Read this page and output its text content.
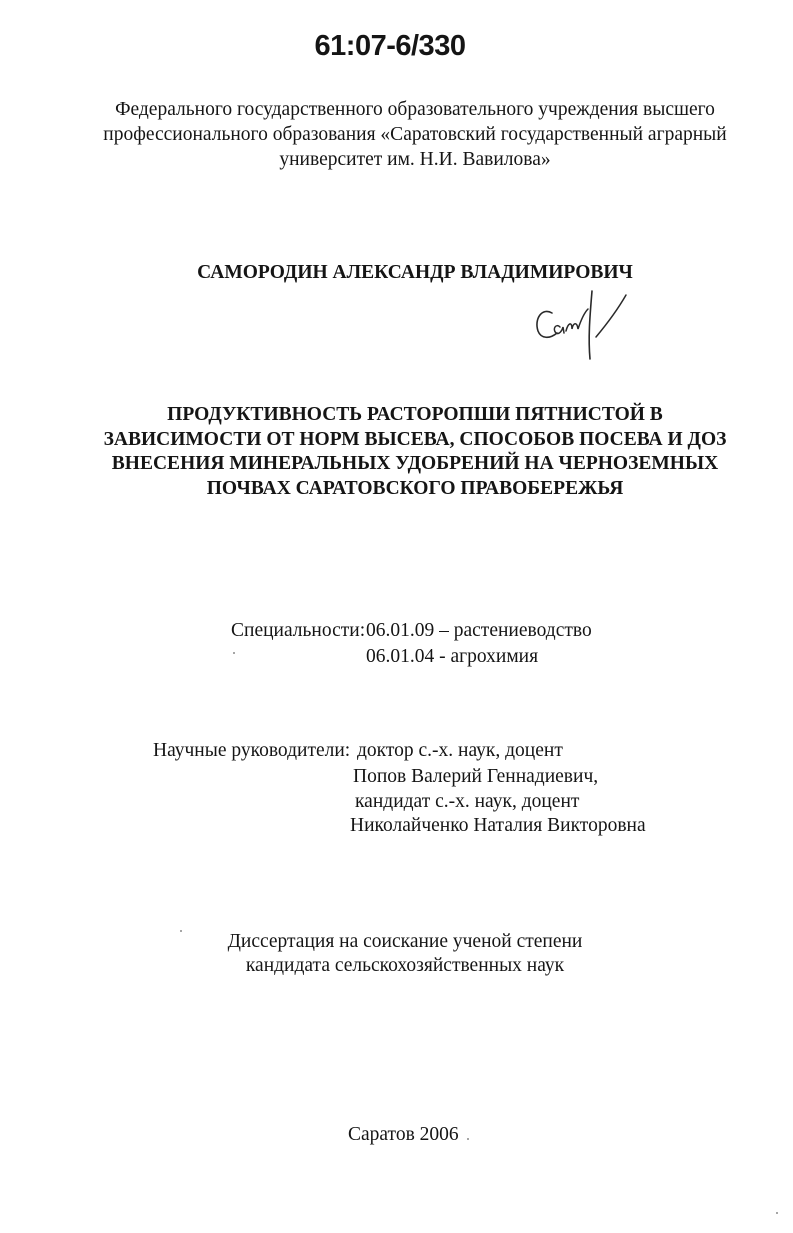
61:07-6/330
Федерального государственного образовательного учреждения высшего
профессионального образования «Саратовский государственный аграрный
университет им. Н.И. Вавилова»
САМОРОДИН АЛЕКСАНДР ВЛАДИМИРОВИЧ
ПРОДУКТИВНОСТЬ РАСТОРОПШИ ПЯТНИСТОЙ В
ЗАВИСИМОСТИ ОТ НОРМ ВЫСЕВА, СПОСОБОВ ПОСЕВА И ДОЗ
ВНЕСЕНИЯ МИНЕРАЛЬНЫХ УДОБРЕНИЙ НА ЧЕРНОЗЕМНЫХ
ПОЧВАХ САРАТОВСКОГО ПРАВОБЕРЕЖЬЯ
Специальности: 06.01.09 – растениеводство
06.01.04 - агрохимия
Научные руководители: доктор с.-х. наук, доцент
Попов Валерий Геннадиевич,
кандидат с.-х. наук, доцент
Николайченко Наталия Викторовна
Диссертация на соискание ученой степени
кандидата сельскохозяйственных наук
Саратов 2006
